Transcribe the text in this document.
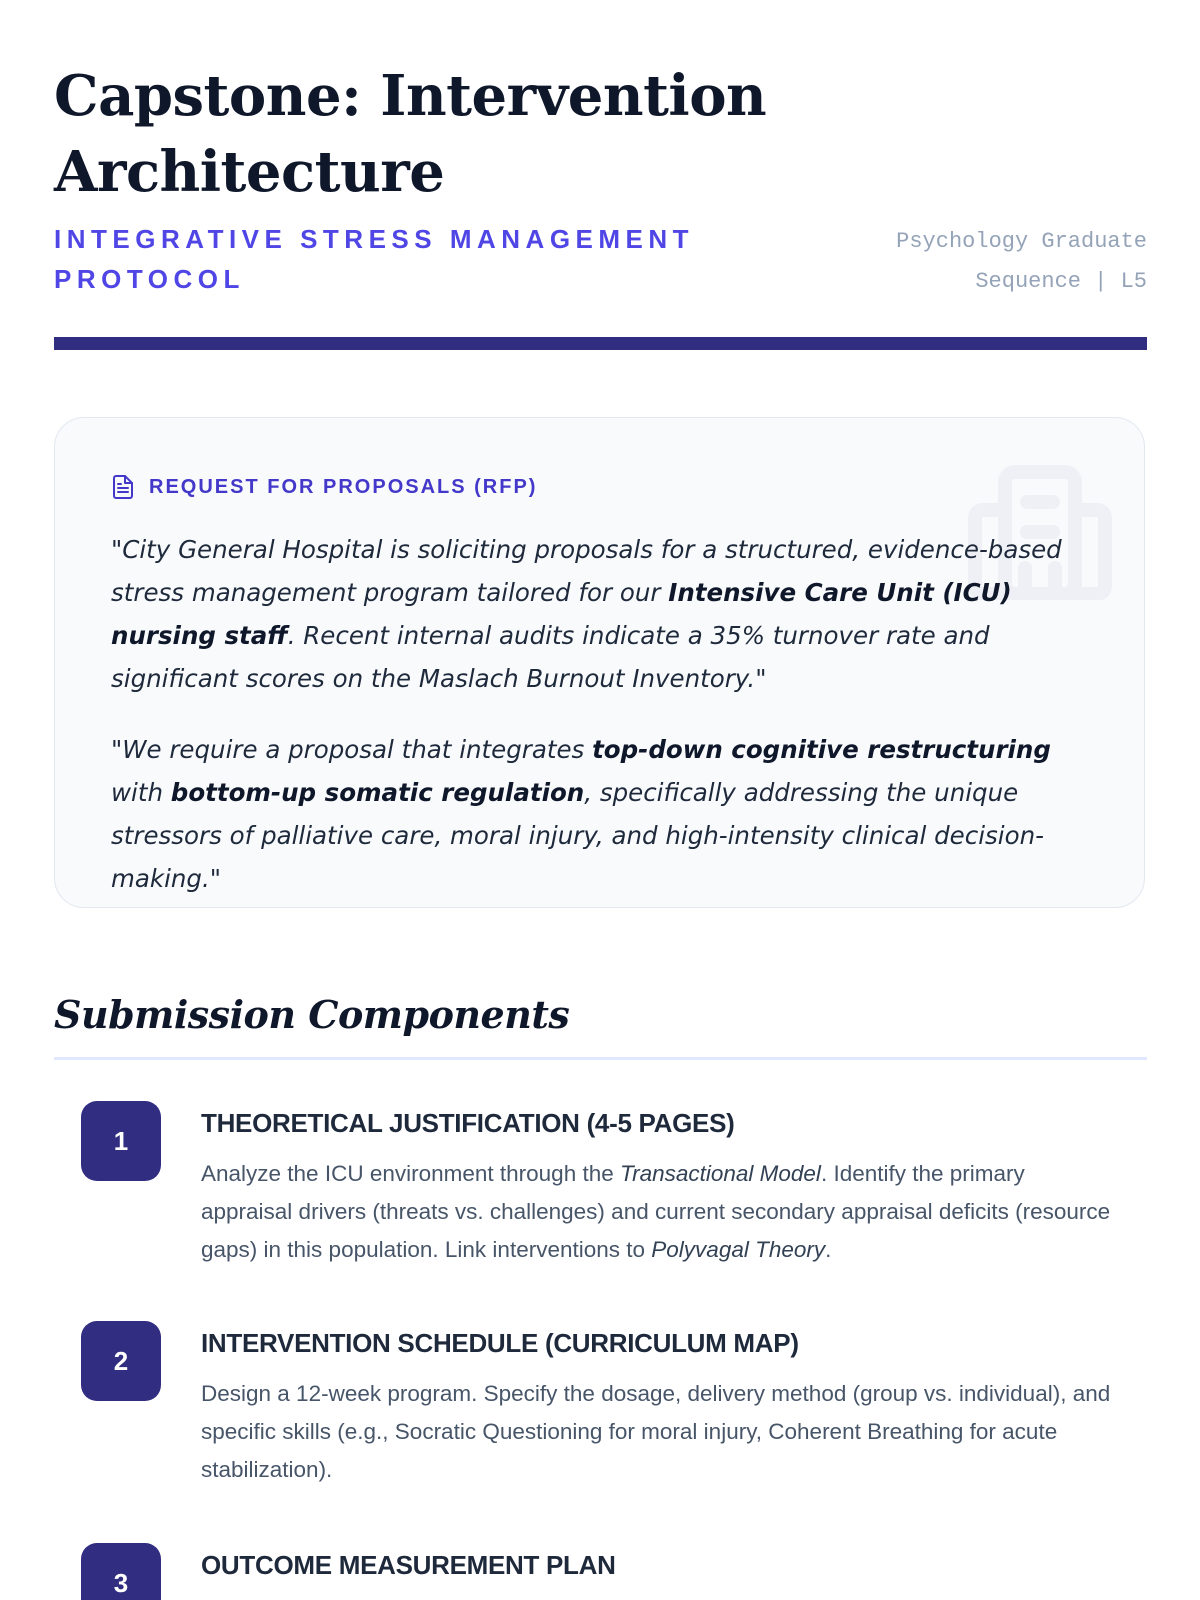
Capstone: Intervention
Architecture
INTEGRATIVE STRESS MANAGEMENT
PROTOCOL
Psychology Graduate
Sequence | L5
REQUEST FOR PROPOSALS (RFP)

"City General Hospital is soliciting proposals for a structured, evidence-based stress management program tailored for our Intensive Care Unit (ICU) nursing staff. Recent internal audits indicate a 35% turnover rate and significant scores on the Maslach Burnout Inventory."

"We require a proposal that integrates top-down cognitive restructuring with bottom-up somatic regulation, specifically addressing the unique stressors of palliative care, moral injury, and high-intensity clinical decision-making."

Submission Components
1
THEORETICAL JUSTIFICATION (4-5 PAGES)

Analyze the ICU environment through the Transactional Model. Identify the primary appraisal drivers (threats vs. challenges) and current secondary appraisal deficits (resource gaps) in this population. Link interventions to Polyvagal Theory.

2
INTERVENTION SCHEDULE (CURRICULUM MAP)

Design a 12-week program. Specify the dosage, delivery method (group vs. individual), and specific skills (e.g., Socratic Questioning for moral injury, Coherent Breathing for acute stabilization).

3
OUTCOME MEASUREMENT PLAN
